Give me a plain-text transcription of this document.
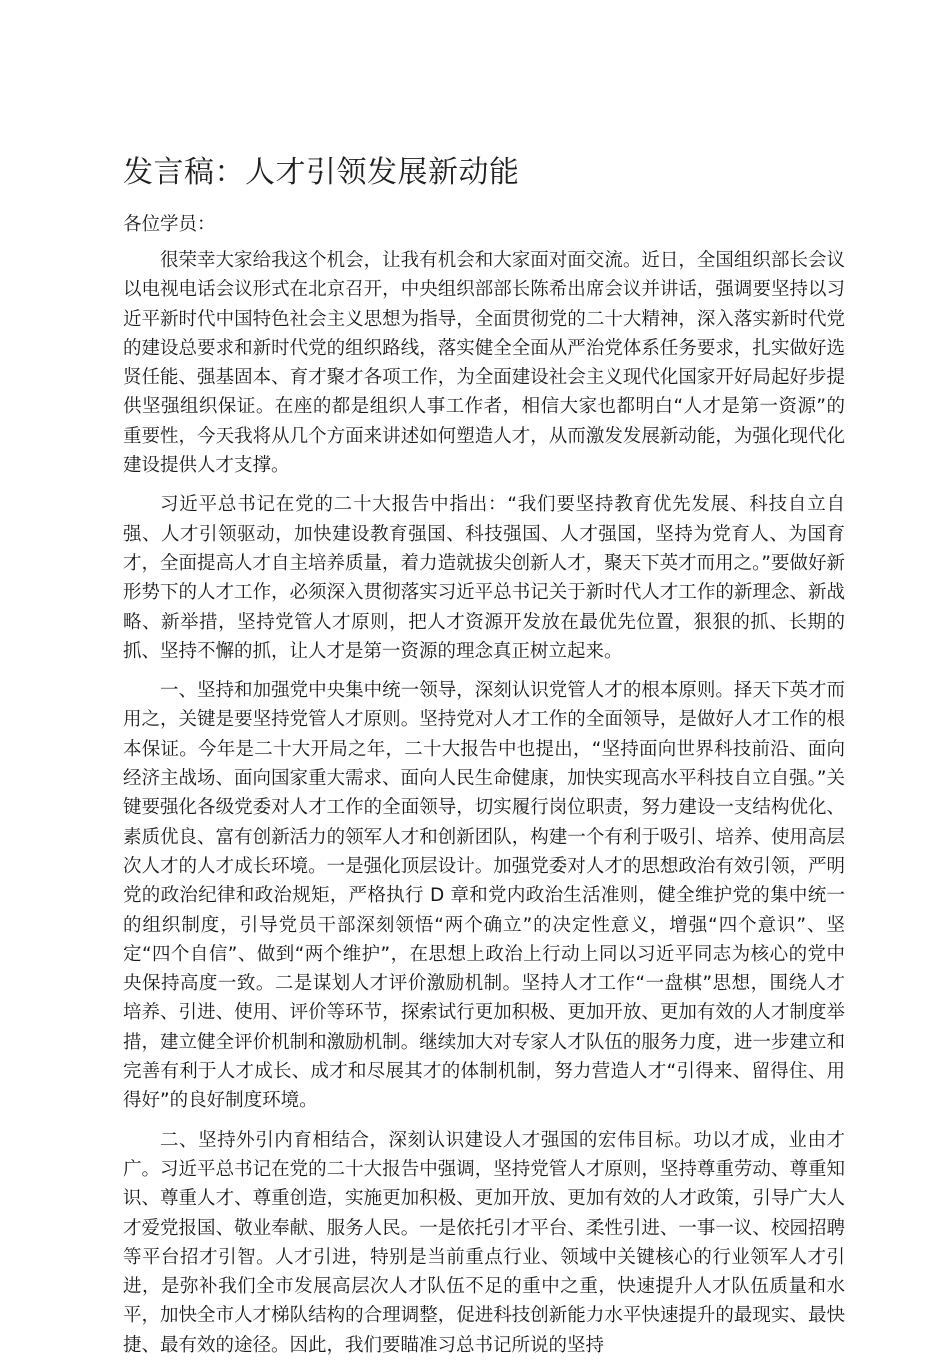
发言稿：人才引领发展新动能

各位学员：

很荣幸大家给我这个机会，让我有机会和大家面对面交流。近日，全国组织部长会议以电视电话会议形式在北京召开，中央组织部部长陈希出席会议并讲话，强调要坚持以习近平新时代中国特色社会主义思想为指导，全面贯彻党的二十大精神，深入落实新时代党的建设总要求和新时代党的组织路线，落实健全全面从严治党体系任务要求，扎实做好选贤任能、强基固本、育才聚才各项工作，为全面建设社会主义现代化国家开好局起好步提供坚强组织保证。在座的都是组织人事工作者，相信大家也都明白“人才是第一资源”的重要性，今天我将从几个方面来讲述如何塑造人才，从而激发发展新动能，为强化现代化建设提供人才支撑。

习近平总书记在党的二十大报告中指出：“我们要坚持教育优先发展、科技自立自强、人才引领驱动，加快建设教育强国、科技强国、人才强国，坚持为党育人、为国育才，全面提高人才自主培养质量，着力造就拔尖创新人才，聚天下英才而用之。”要做好新形势下的人才工作，必须深入贯彻落实习近平总书记关于新时代人才工作的新理念、新战略、新举措，坚持党管人才原则，把人才资源开发放在最优先位置，狠狠的抓、长期的抓、坚持不懈的抓，让人才是第一资源的理念真正树立起来。

一、坚持和加强党中央集中统一领导，深刻认识党管人才的根本原则。择天下英才而用之，关键是要坚持党管人才原则。坚持党对人才工作的全面领导，是做好人才工作的根本保证。今年是二十大开局之年，二十大报告中也提出，“坚持面向世界科技前沿、面向经济主战场、面向国家重大需求、面向人民生命健康，加快实现高水平科技自立自强。”关键要强化各级党委对人才工作的全面领导，切实履行岗位职责，努力建设一支结构优化、素质优良、富有创新活力的领军人才和创新团队，构建一个有利于吸引、培养、使用高层次人才的人才成长环境。一是强化顶层设计。加强党委对人才的思想政治有效引领，严明党的政治纪律和政治规矩，严格执行 D 章和党内政治生活准则，健全维护党的集中统一的组织制度，引导党员干部深刻领悟“两个确立”的决定性意义，增强“四个意识”、坚定“四个自信”、做到“两个维护”，在思想上政治上行动上同以习近平同志为核心的党中央保持高度一致。二是谋划人才评价激励机制。坚持人才工作“一盘棋”思想，围绕人才培养、引进、使用、评价等环节，探索试行更加积极、更加开放、更加有效的人才制度举措，建立健全评价机制和激励机制。继续加大对专家人才队伍的服务力度，进一步建立和完善有利于人才成长、成才和尽展其才的体制机制，努力营造人才“引得来、留得住、用得好”的良好制度环境。

二、坚持外引内育相结合，深刻认识建设人才强国的宏伟目标。功以才成，业由才广。习近平总书记在党的二十大报告中强调，坚持党管人才原则，坚持尊重劳动、尊重知识、尊重人才、尊重创造，实施更加积极、更加开放、更加有效的人才政策，引导广大人才爱党报国、敬业奉献、服务人民。一是依托引才平台、柔性引进、一事一议、校园招聘等平台招才引智。人才引进，特别是当前重点行业、领域中关键核心的行业领军人才引进，是弥补我们全市发展高层次人才队伍不足的重中之重，快速提升人才队伍质量和水平，加快全市人才梯队结构的合理调整，促进科技创新能力水平快速提升的最现实、最快捷、最有效的途径。因此，我们要瞄准习总书记所说的坚持
